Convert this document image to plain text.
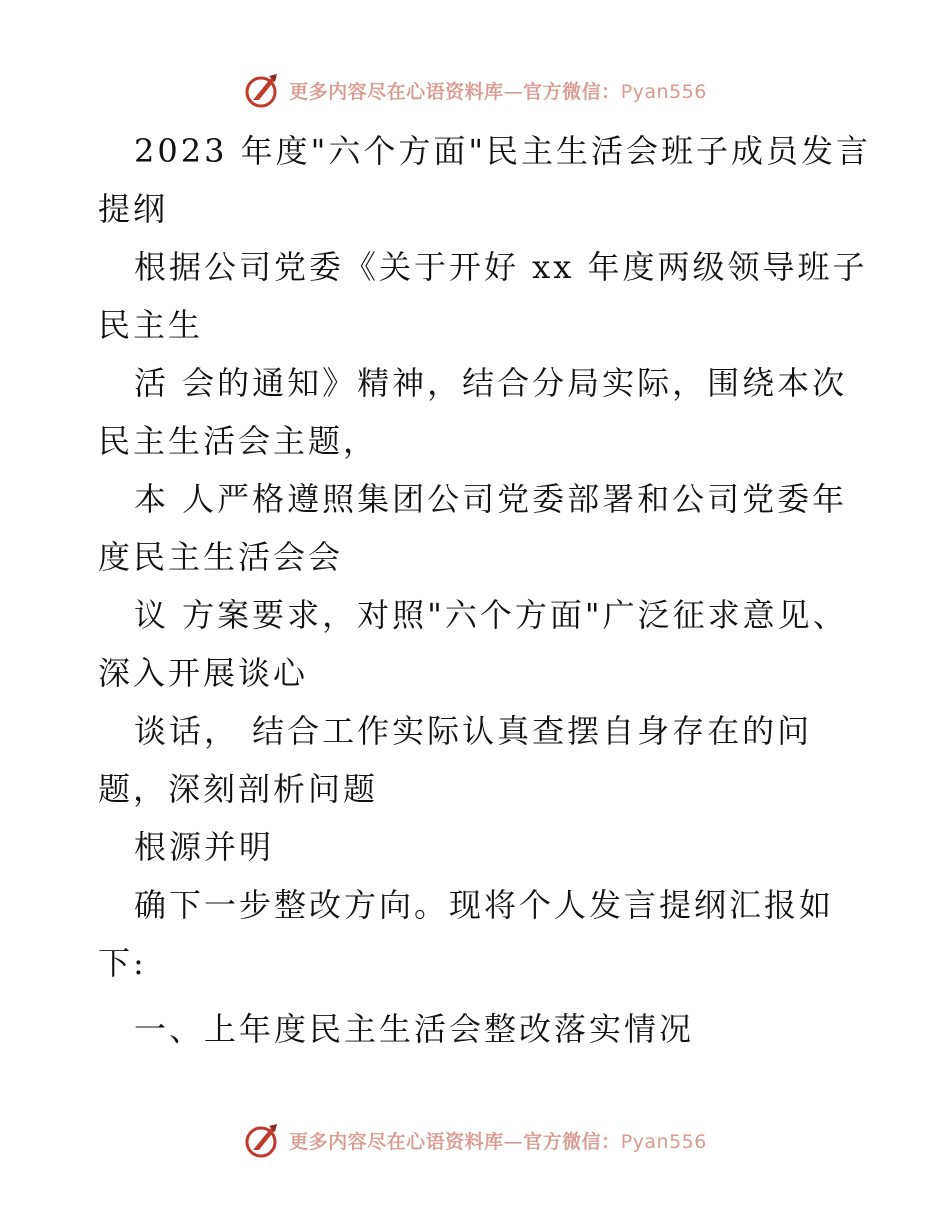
更多内容尽在心语资料库—官方微信：Pyan556
2023 年度"六个方面"民主生活会班子成员发言
提纲
根据公司党委《关于开好 xx 年度两级领导班子
民主生
活 会的通知》精神，结合分局实际，围绕本次
民主生活会主题，
本 人严格遵照集团公司党委部署和公司党委年
度民主生活会会
议 方案要求，对照"六个方面"广泛征求意见、
深入开展谈心
谈话， 结合工作实际认真查摆自身存在的问
题，深刻剖析问题
根源并明
确下一步整改方向。现将个人发言提纲汇报如
下:
一、上年度民主生活会整改落实情况
更多内容尽在心语资料库—官方微信：Pyan556
